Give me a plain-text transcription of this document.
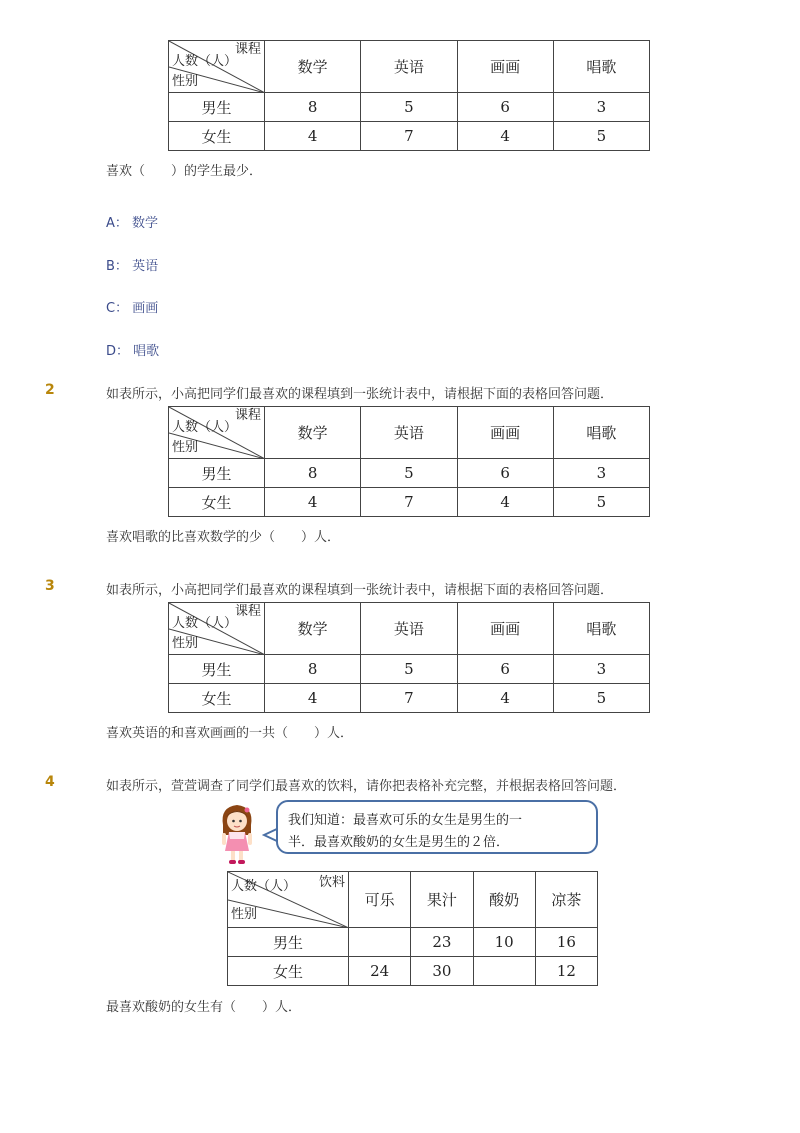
课程
人数（人）
性别	数学	英语	画画	唱歌
男生	8	5	6	3
女生	4	7	4	5
喜欢（　　）的学生最少．
A： 数学
B： 英语
C： 画画
D： 唱歌
2	如表所示，小高把同学们最喜欢的课程填到一张统计表中，请根据下面的表格回答问题．
课程
人数（人）
性别	数学	英语	画画	唱歌
男生	8	5	6	3
女生	4	7	4	5
喜欢唱歌的比喜欢数学的少（　　）人．
3	如表所示，小高把同学们最喜欢的课程填到一张统计表中，请根据下面的表格回答问题．
课程
人数（人）
性别	数学	英语	画画	唱歌
男生	8	5	6	3
女生	4	7	4	5
喜欢英语的和喜欢画画的一共（　　）人．
4	如表所示，萱萱调查了同学们最喜欢的饮料，请你把表格补充完整，并根据表格回答问题．
我们知道：最喜欢可乐的女生是男生的一
半．最喜欢酸奶的女生是男生的２倍．
饮料
人数（人）
性别	可乐	果汁	酸奶	凉茶
男生		23	10	16
女生	24	30		12
最喜欢酸奶的女生有（　　）人．
